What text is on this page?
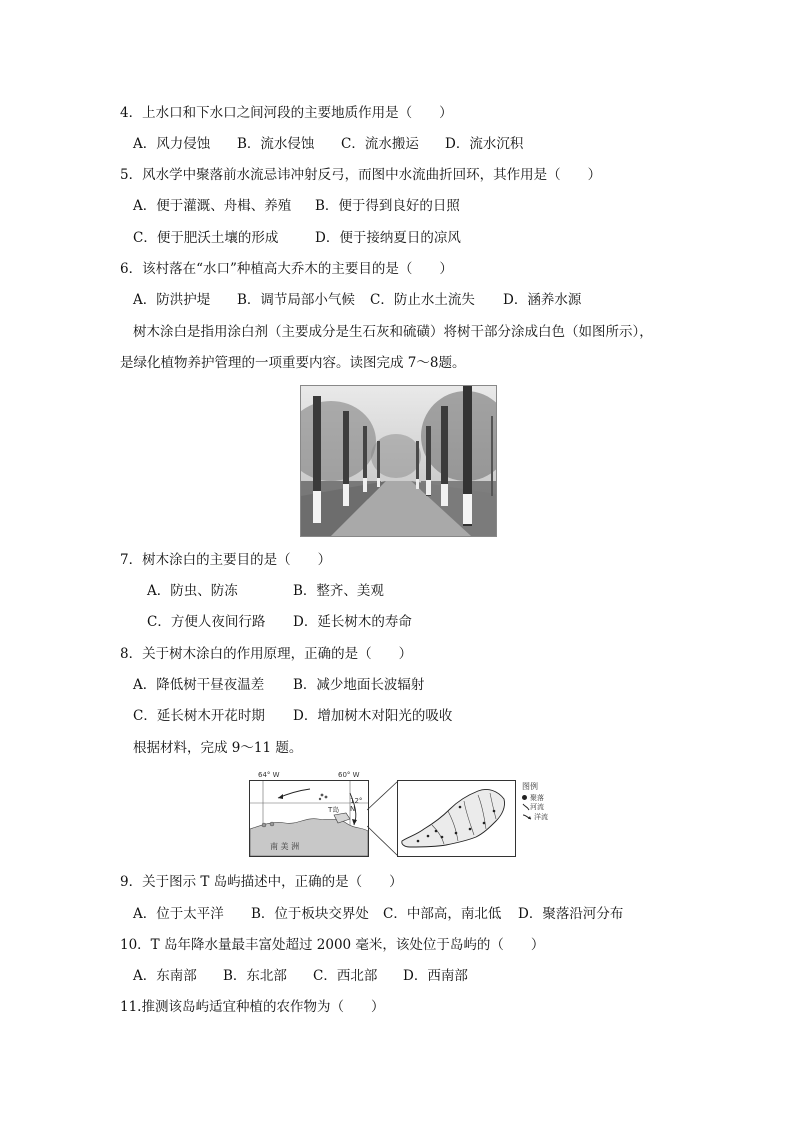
4．上水口和下水口之间河段的主要地质作用是（　　）
A．风力侵蚀 B．流水侵蚀 C．流水搬运 D．流水沉积
5．风水学中聚落前水流忌讳冲射反弓，而图中水流曲折回环，其作用是（　　）
A．便于灌溉、舟楫、养殖 B．便于得到良好的日照
C．便于肥沃土壤的形成	D．便于接纳夏日的凉风
6．该村落在“水口”种植高大乔木的主要目的是（　　）
A．防洪护堤 B．调节局部小气候 C．防止水土流失 D．涵养水源
树木涂白是指用涂白剂（主要成分是生石灰和硫磺）将树干部分涂成白色（如图所示），
是绿化植物养护管理的一项重要内容。读图完成 7～8题。
7．树木涂白的主要目的是（　　）
A．防虫、防冻	B．整齐、美观
C．方便人夜间行路 D．延长树木的寿命
8．关于树木涂白的作用原理，正确的是（　　）
A．降低树干昼夜温差 B．减少地面长波辐射
C．延长树木开花时期 D．增加树木对阳光的吸收
根据材料，完成 9～11 题。
64° W	60° W
12° N
T岛
南 美 洲
图例
聚落
河流
洋流
9．关于图示 T 岛屿描述中，正确的是（　　）
A．位于太平洋 B．位于板块交界处 C．中部高，南北低 D．聚落沿河分布
10．T 岛年降水量最丰富处超过 2000 毫米，该处位于岛屿的（　　）
A．东南部 B．东北部 C．西北部 D．西南部
11.推测该岛屿适宜种植的农作物为（　　）
